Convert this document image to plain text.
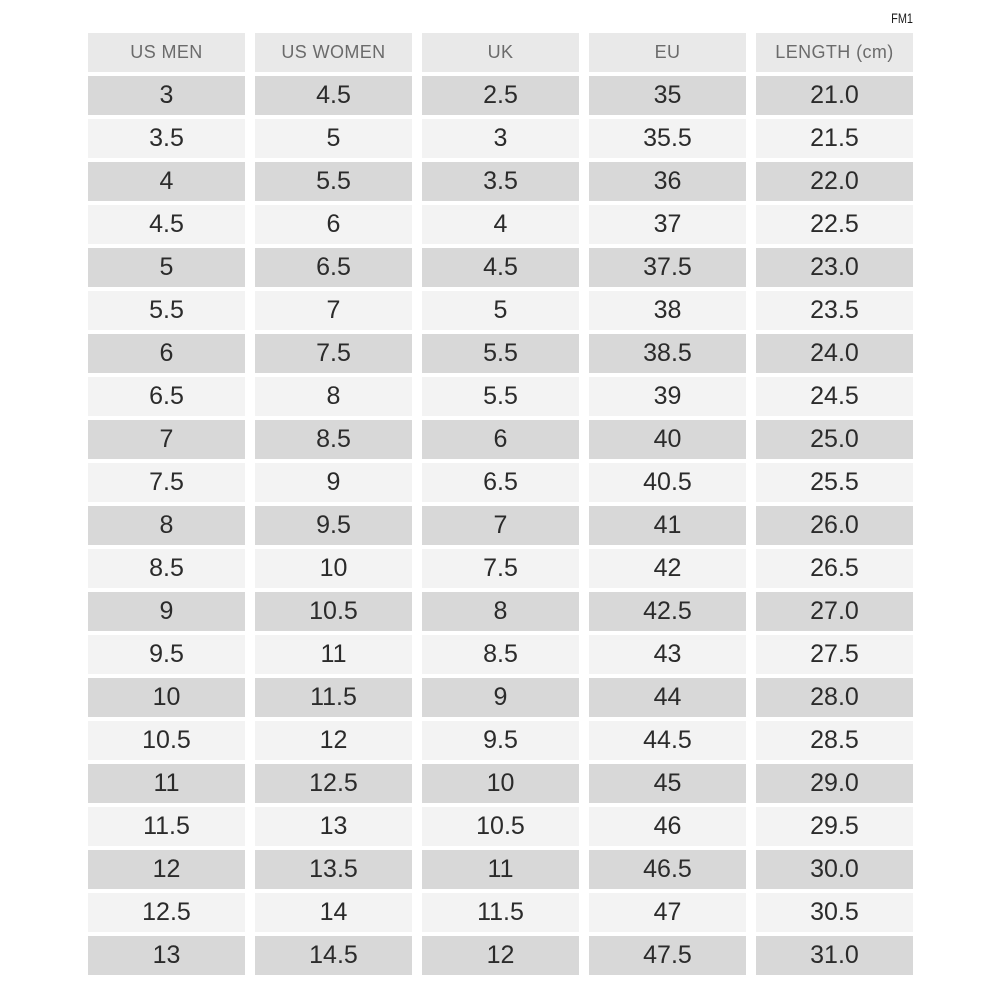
FM1
US MEN	US WOMEN	UK	EU	LENGTH (cm)
3	4.5	2.5	35	21.0
3.5	5	3	35.5	21.5
4	5.5	3.5	36	22.0
4.5	6	4	37	22.5
5	6.5	4.5	37.5	23.0
5.5	7	5	38	23.5
6	7.5	5.5	38.5	24.0
6.5	8	5.5	39	24.5
7	8.5	6	40	25.0
7.5	9	6.5	40.5	25.5
8	9.5	7	41	26.0
8.5	10	7.5	42	26.5
9	10.5	8	42.5	27.0
9.5	11	8.5	43	27.5
10	11.5	9	44	28.0
10.5	12	9.5	44.5	28.5
11	12.5	10	45	29.0
11.5	13	10.5	46	29.5
12	13.5	11	46.5	30.0
12.5	14	11.5	47	30.5
13	14.5	12	47.5	31.0
